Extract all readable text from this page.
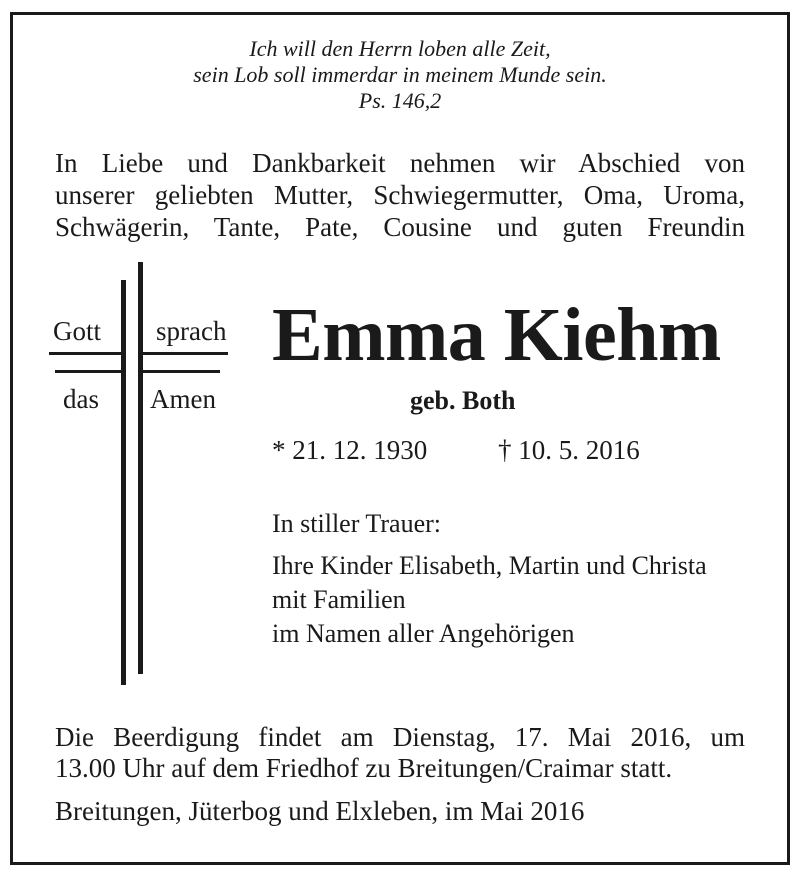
Ich will den Herrn loben alle Zeit,
sein Lob soll immerdar in meinem Munde sein.
Ps. 146,2
In Liebe und Dankbarkeit nehmen wir Abschied von
unserer geliebten Mutter, Schwiegermutter, Oma, Uroma,
Schwägerin, Tante, Pate, Cousine und guten Freundin
Gott sprach
das Amen
Emma Kiehm
geb. Both
* 21. 12. 1930	† 10. 5. 2016
In stiller Trauer:
Ihre Kinder Elisabeth, Martin und Christa
mit Familien
im Namen aller Angehörigen
Die Beerdigung findet am Dienstag, 17. Mai 2016, um
13.00 Uhr auf dem Friedhof zu Breitungen/Craimar statt.
Breitungen, Jüterbog und Elxleben, im Mai 2016
